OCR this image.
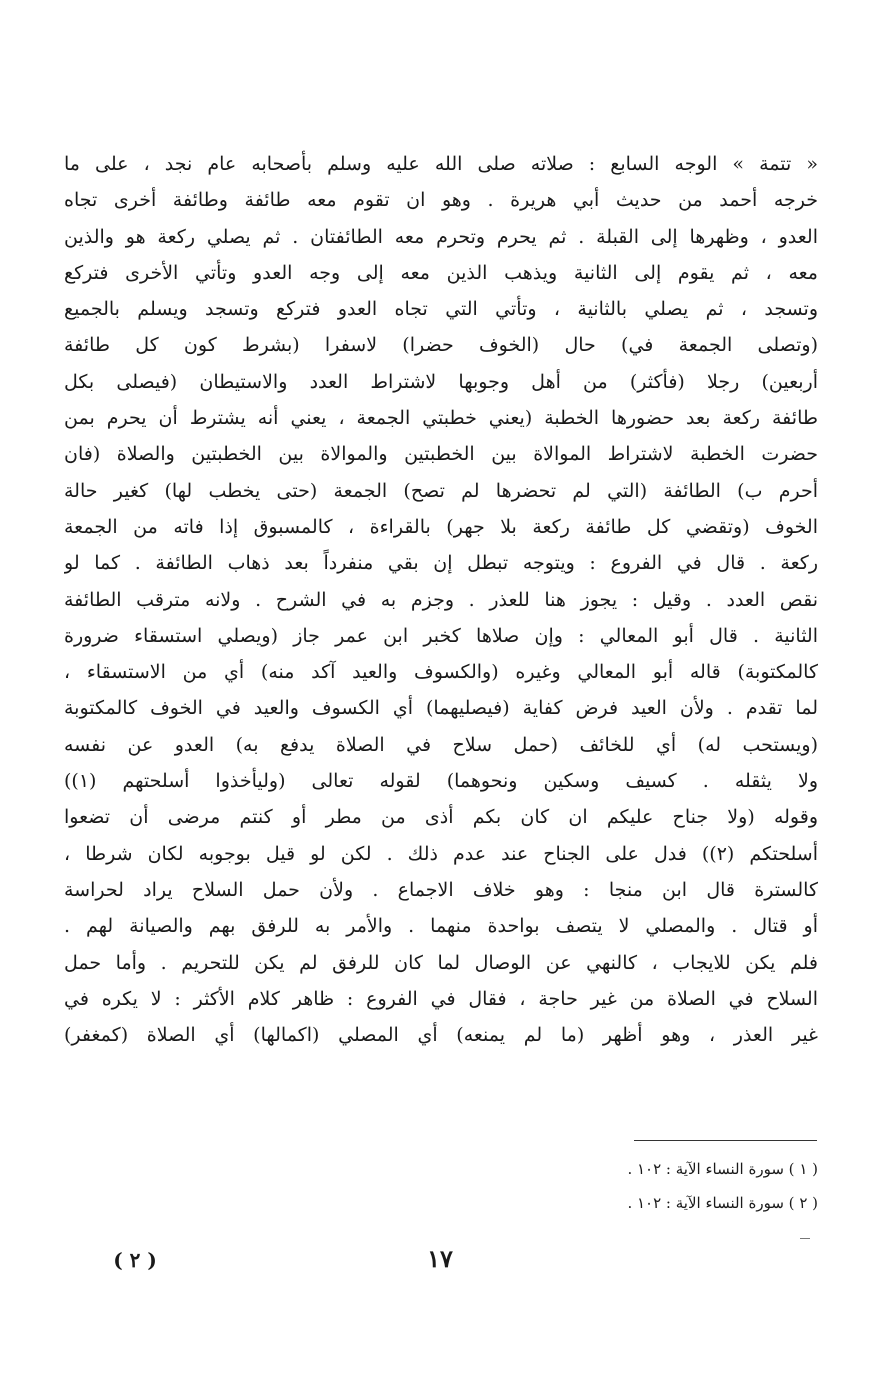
« تتمة » الوجه السابع : صلاته صلى الله عليه وسلم بأصحابه عام نجد ، على ما
خرجه أحمد من حديث أبي هريرة . وهو ان تقوم معه طائفة وطائفة أخرى تجاه
العدو ، وظهرها إلى القبلة . ثم يحرم وتحرم معه الطائفتان . ثم يصلي ركعة هو والذين
معه ، ثم يقوم إلى الثانية ويذهب الذين معه إلى وجه العدو وتأتي الأخرى فتركع
وتسجد ، ثم يصلي بالثانية ، وتأتي التي تجاه العدو فتركع وتسجد ويسلم بالجميع
(وتصلى الجمعة في) حال (الخوف حضرا) لاسفرا (بشرط كون كل طائفة
أربعين) رجلا (فأكثر) من أهل وجوبها لاشتراط العدد والاستيطان (فيصلى بكل
طائفة ركعة بعد حضورها الخطبة (يعني خطبتي الجمعة ، يعني أنه يشترط أن يحرم بمن
حضرت الخطبة لاشتراط الموالاة بين الخطبتين والموالاة بين الخطبتين والصلاة (فان
أحرم ب) الطائفة (التي لم تحضرها لم تصح) الجمعة (حتى يخطب لها) كغير حالة
الخوف (وتقضي كل طائفة ركعة بلا جهر) بالقراءة ، كالمسبوق إذا فاته من الجمعة
ركعة . قال في الفروع : ويتوجه تبطل إن بقي منفرداً بعد ذهاب الطائفة . كما لو
نقص العدد . وقيل : يجوز هنا للعذر . وجزم به في الشرح . ولانه مترقب الطائفة
الثانية . قال أبو المعالي : وإن صلاها كخبر ابن عمر جاز (ويصلي استسقاء ضرورة
كالمكتوبة) قاله أبو المعالي وغيره (والكسوف والعيد آكد منه) أي من الاستسقاء ،
لما تقدم . ولأن العيد فرض كفاية (فيصليهما) أي الكسوف والعيد في الخوف كالمكتوبة
(ويستحب له) أي للخائف (حمل سلاح في الصلاة يدفع به) العدو عن نفسه
ولا يثقله . كسيف وسكين ونحوهما) لقوله تعالى (وليأخذوا أسلحتهم (١))
وقوله (ولا جناح عليكم ان كان بكم أذى من مطر أو كنتم مرضى أن تضعوا
أسلحتكم (٢)) فدل على الجناح عند عدم ذلك . لكن لو قيل بوجوبه لكان شرطا ،
كالسترة قال ابن منجا : وهو خلاف الاجماع . ولأن حمل السلاح يراد لحراسة
أو قتال . والمصلي لا يتصف بواحدة منهما . والأمر به للرفق بهم والصيانة لهم .
فلم يكن للايجاب ، كالنهي عن الوصال لما كان للرفق لم يكن للتحريم . وأما حمل
السلاح في الصلاة من غير حاجة ، فقال في الفروع : ظاهر كلام الأكثر : لا يكره في
غير العذر ، وهو أظهر (ما لم يمنعه) أي المصلي (اكمالها) أي الصلاة (كمغفر)
( ١ ) سورة النساء الآية : ١٠٢ .
( ٢ ) سورة النساء الآية : ١٠٢ .
١٧
( ٢ )
